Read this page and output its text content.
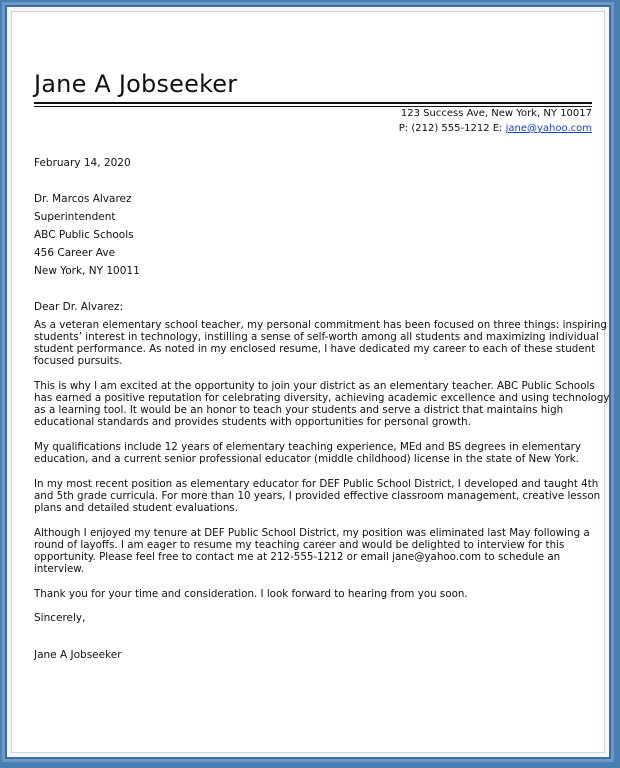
Jane A Jobseeker
123 Success Ave, New York, NY 10017
P: (212) 555-1212 E: jane@yahoo.com
February 14, 2020
Dr. Marcos Alvarez
Superintendent
ABC Public Schools
456 Career Ave
New York, NY 10011
Dear Dr. Alvarez:
As a veteran elementary school teacher, my personal commitment has been focused on three things: inspiring
students’ interest in technology, instilling a sense of self-worth among all students and maximizing individual
student performance. As noted in my enclosed resume, I have dedicated my career to each of these student
focused pursuits.
This is why I am excited at the opportunity to join your district as an elementary teacher. ABC Public Schools
has earned a positive reputation for celebrating diversity, achieving academic excellence and using technology
as a learning tool. It would be an honor to teach your students and serve a district that maintains high
educational standards and provides students with opportunities for personal growth.
My qualifications include 12 years of elementary teaching experience, MEd and BS degrees in elementary
education, and a current senior professional educator (middle childhood) license in the state of New York.
In my most recent position as elementary educator for DEF Public School District, I developed and taught 4th
and 5th grade curricula. For more than 10 years, I provided effective classroom management, creative lesson
plans and detailed student evaluations.
Although I enjoyed my tenure at DEF Public School District, my position was eliminated last May following a
round of layoffs. I am eager to resume my teaching career and would be delighted to interview for this
opportunity. Please feel free to contact me at 212-555-1212 or email jane@yahoo.com to schedule an
interview.
Thank you for your time and consideration. I look forward to hearing from you soon.
Sincerely,
Jane A Jobseeker
